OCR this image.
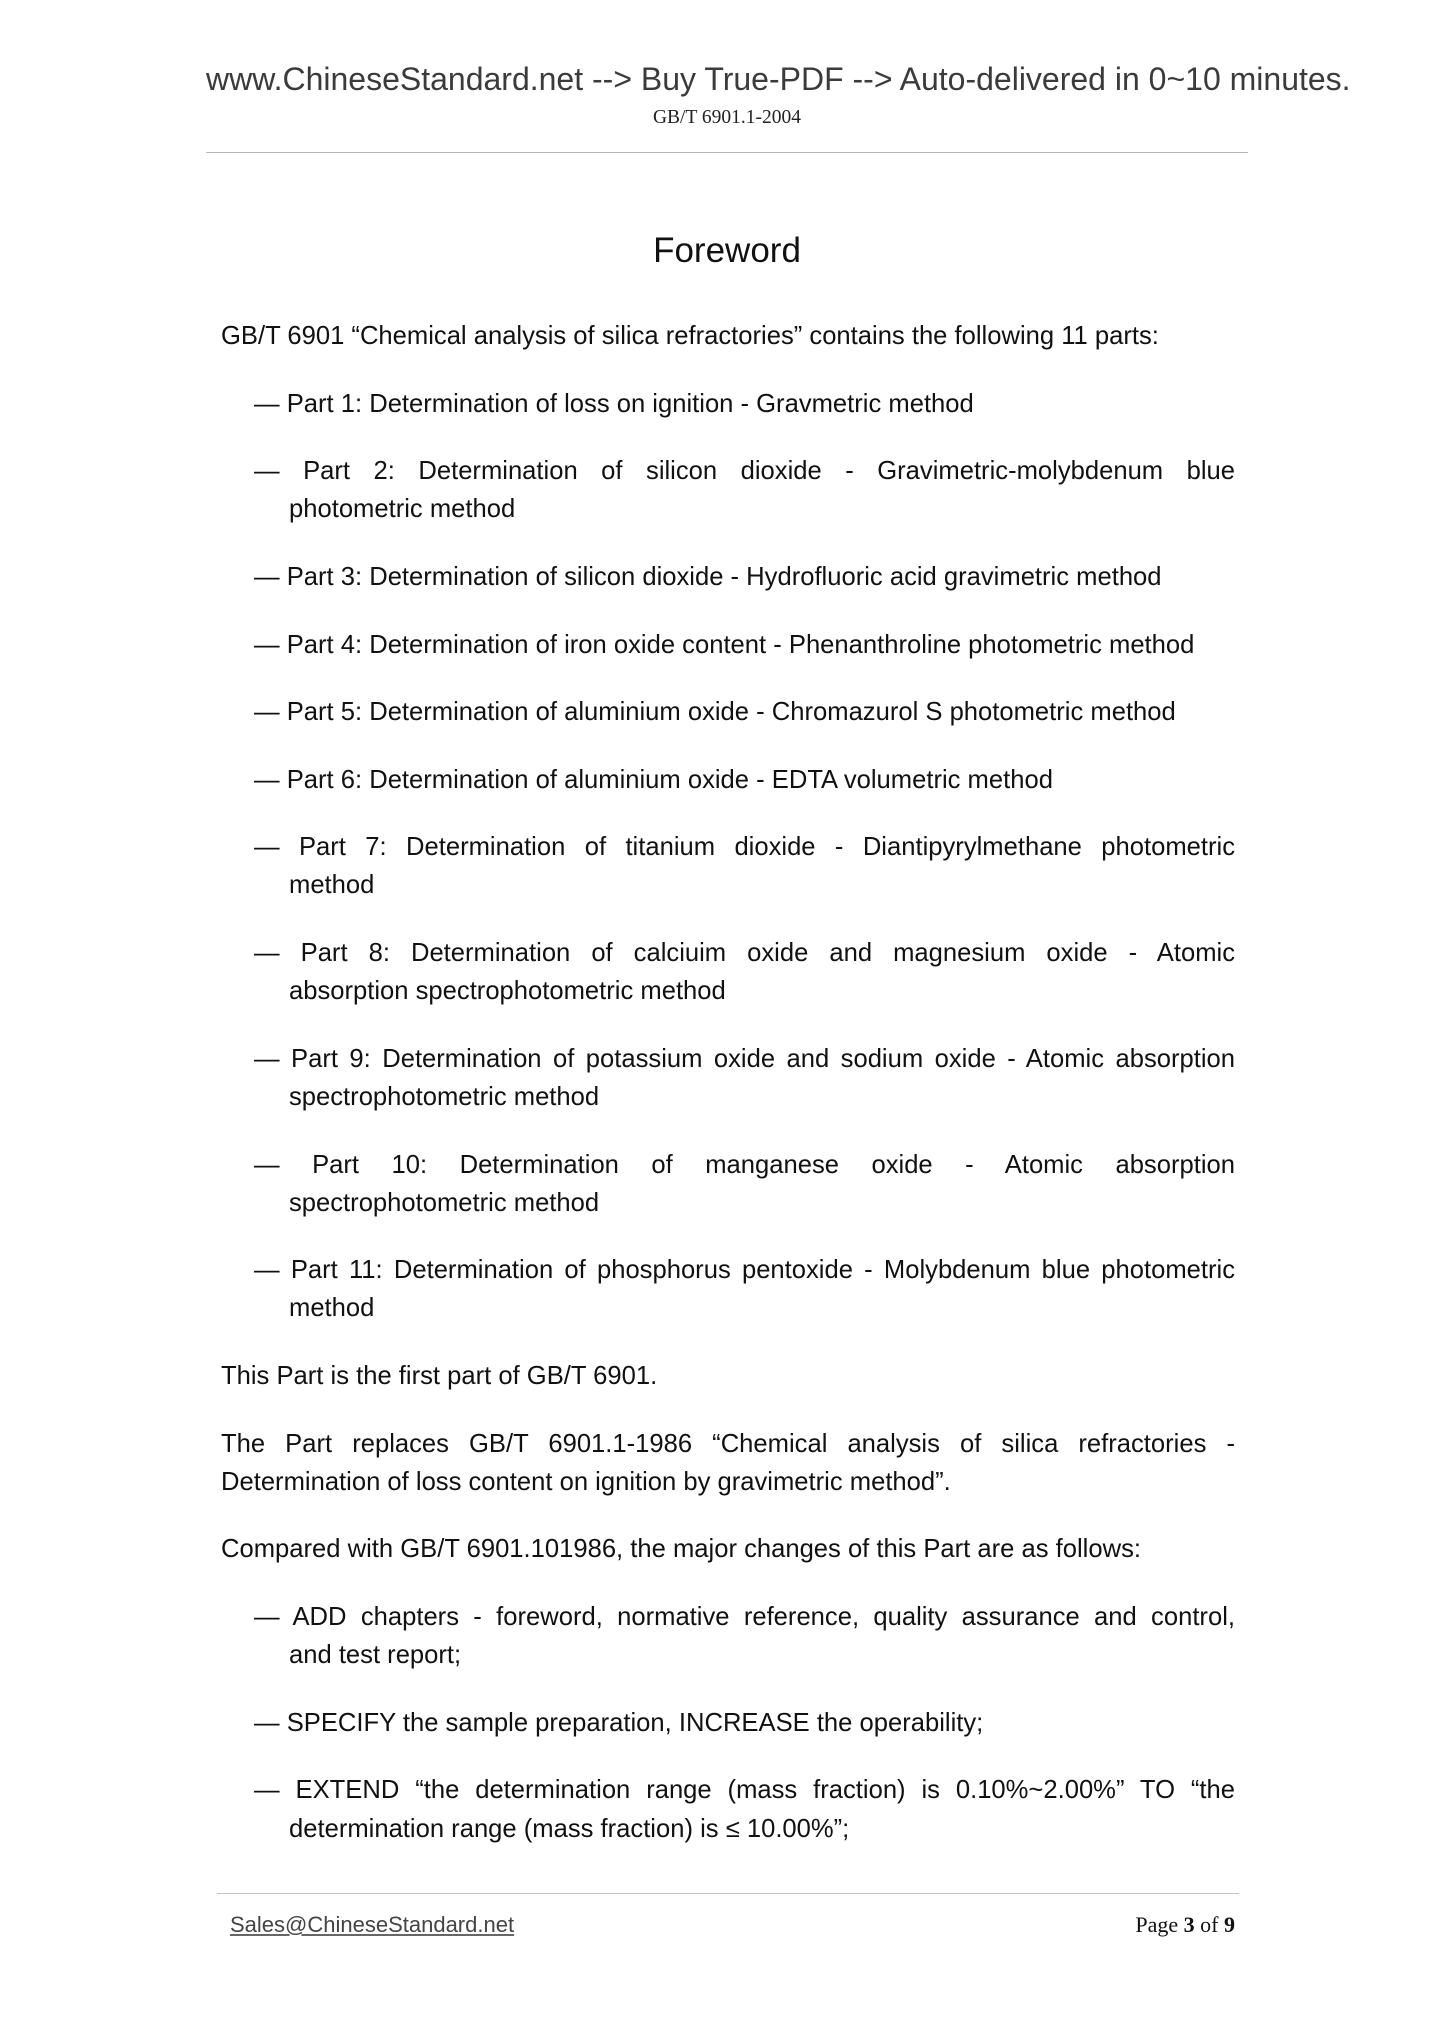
www.ChineseStandard.net --> Buy True-PDF --> Auto-delivered in 0~10 minutes.
GB/T 6901.1-2004
Foreword
GB/T 6901 “Chemical analysis of silica refractories” contains the following 11 parts:
— Part 1: Determination of loss on ignition - Gravmetric method
— Part 2: Determination of silicon dioxide - Gravimetric-molybdenum blue
photometric method
— Part 3: Determination of silicon dioxide - Hydrofluoric acid gravimetric method
— Part 4: Determination of iron oxide content - Phenanthroline photometric method
— Part 5: Determination of aluminium oxide - Chromazurol S photometric method
— Part 6: Determination of aluminium oxide - EDTA volumetric method
— Part 7: Determination of titanium dioxide - Diantipyrylmethane photometric
method
— Part 8: Determination of calciuim oxide and magnesium oxide - Atomic
absorption spectrophotometric method
— Part 9: Determination of potassium oxide and sodium oxide - Atomic absorption
spectrophotometric method
— Part 10: Determination of manganese oxide - Atomic absorption
spectrophotometric method
— Part 11: Determination of phosphorus pentoxide - Molybdenum blue photometric
method
This Part is the first part of GB/T 6901.
The Part replaces GB/T 6901.1-1986 “Chemical analysis of silica refractories -
Determination of loss content on ignition by gravimetric method”.
Compared with GB/T 6901.101986, the major changes of this Part are as follows:
— ADD chapters - foreword, normative reference, quality assurance and control,
and test report;
— SPECIFY the sample preparation, INCREASE the operability;
— EXTEND “the determination range (mass fraction) is 0.10%~2.00%” TO “the
determination range (mass fraction) is ≤ 10.00%”;
Sales@ChineseStandard.net	Page 3 of 9
